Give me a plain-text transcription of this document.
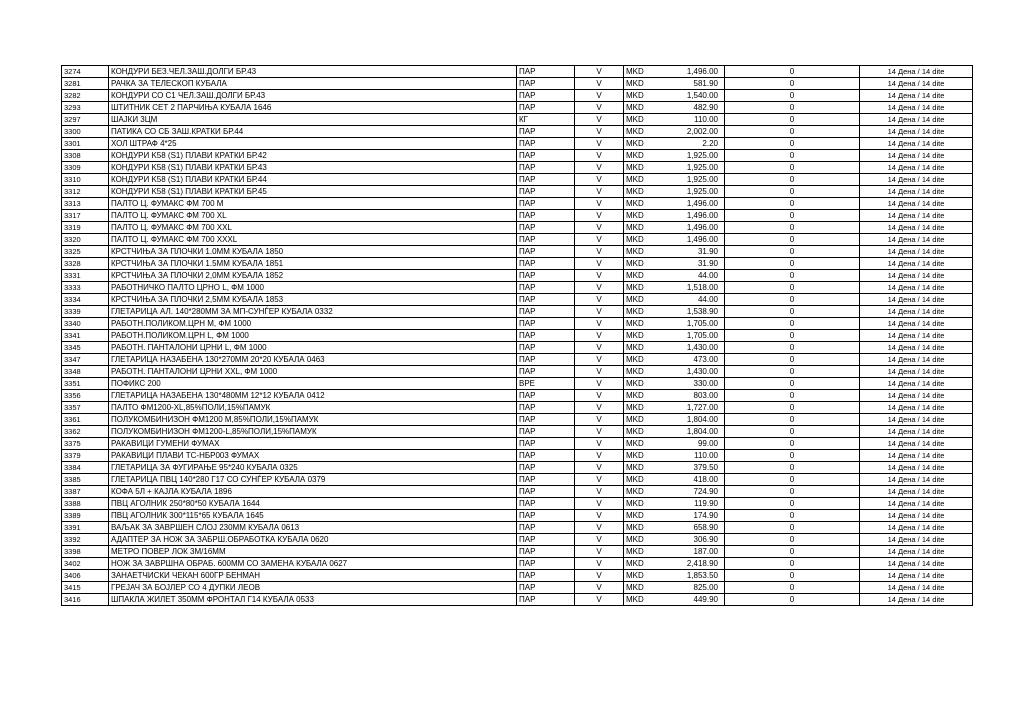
3274	КОНДУРИ БЕЗ.ЧЕЛ.ЗАШ.ДОЛГИ БР.43	ПАР	V	MKD 1,496.00	0	14 Дена / 14 dite
3281	РАЧКА ЗА ТЕЛЕСКОП КУБАЛА	ПАР	V	MKD 581.90	0	14 Дена / 14 dite
3282	КОНДУРИ СО С1 ЧЕЛ.ЗАШ.ДОЛГИ БР.43	ПАР	V	MKD 1,540.00	0	14 Дена / 14 dite
3293	ШТИТНИК СЕТ 2 ПАРЧИЊА КУБАЛА 1646	ПАР	V	MKD 482.90	0	14 Дена / 14 dite
3297	ШАЈКИ 3ЦМ	КГ	V	MKD 110.00	0	14 Дена / 14 dite
3300	ПАТИКА СО СБ ЗАШ.КРАТКИ БР.44	ПАР	V	MKD 2,002.00	0	14 Дена / 14 dite
3301	ХОЛ ШТРАФ 4*25	ПАР	V	MKD 2.20	0	14 Дена / 14 dite
3308	КОНДУРИ K58 (S1) ПЛАВИ КРАТКИ БР.42	ПАР	V	MKD 1,925.00	0	14 Дена / 14 dite
3309	КОНДУРИ K58 (S1) ПЛАВИ КРАТКИ БР.43	ПАР	V	MKD 1,925.00	0	14 Дена / 14 dite
3310	КОНДУРИ K58 (S1) ПЛАВИ КРАТКИ БР.44	ПАР	V	MKD 1,925.00	0	14 Дена / 14 dite
3312	КОНДУРИ K58 (S1) ПЛАВИ КРАТКИ БР.45	ПАР	V	MKD 1,925.00	0	14 Дена / 14 dite
3313	ПАЛТО Ц. ФУМАКС ФМ 700 M	ПАР	V	MKD 1,496.00	0	14 Дена / 14 dite
3317	ПАЛТО Ц. ФУМАКС ФМ 700 XL	ПАР	V	MKD 1,496.00	0	14 Дена / 14 dite
3319	ПАЛТО Ц. ФУМАКС ФМ 700 XXL	ПАР	V	MKD 1,496.00	0	14 Дена / 14 dite
3320	ПАЛТО Ц. ФУМАКС ФМ 700 XXXL	ПАР	V	MKD 1,496.00	0	14 Дена / 14 dite
3325	КРСТЧИЊА ЗА ПЛОЧКИ 1.0ММ КУБАЛА 1850	ПАР	V	MKD 31.90	0	14 Дена / 14 dite
3328	КРСТЧИЊА ЗА ПЛОЧКИ 1.5ММ КУБАЛА 1851	ПАР	V	MKD 31.90	0	14 Дена / 14 dite
3331	КРСТЧИЊА ЗА ПЛОЧКИ 2,0ММ КУБАЛА 1852	ПАР	V	MKD 44.00	0	14 Дена / 14 dite
3333	РАБОТНИЧКО ПАЛТО ЦРНО L, ФМ 1000	ПАР	V	MKD 1,518.00	0	14 Дена / 14 dite
3334	КРСТЧИЊА ЗА ПЛОЧКИ 2,5ММ КУБАЛА 1853	ПАР	V	MKD 44.00	0	14 Дена / 14 dite
3339	ГЛЕТАРИЦА АЛ. 140*280ММ ЗА МП-СУНЃЕР КУБАЛА 0332	ПАР	V	MKD 1,538.90	0	14 Дена / 14 dite
3340	РАБОТН.ПОЛИКОМ.ЦРН M, ФМ 1000	ПАР	V	MKD 1,705.00	0	14 Дена / 14 dite
3341	РАБОТН.ПОЛИКОМ.ЦРН L, ФМ 1000	ПАР	V	MKD 1,705.00	0	14 Дена / 14 dite
3345	РАБОТН. ПАНТАЛОНИ ЦРНИ L, ФМ 1000	ПАР	V	MKD 1,430.00	0	14 Дена / 14 dite
3347	ГЛЕТАРИЦА НАЗАБЕНА 130*270ММ 20*20 КУБАЛА 0463	ПАР	V	MKD 473.00	0	14 Дена / 14 dite
3348	РАБОТН. ПАНТАЛОНИ ЦРНИ XXL, ФМ 1000	ПАР	V	MKD 1,430.00	0	14 Дена / 14 dite
3351	ПОФИКС 200	ВРЕ	V	MKD 330.00	0	14 Дена / 14 dite
3356	ГЛЕТАРИЦА НАЗАБЕНА 130*480ММ 12*12 КУБАЛА 0412	ПАР	V	MKD 803.00	0	14 Дена / 14 dite
3357	ПАЛТО ФМ1200-XL,85%ПОЛИ,15%ПАМУК	ПАР	V	MKD 1,727.00	0	14 Дена / 14 dite
3361	ПОЛУКОМБИНИЗОН ФМ1200 M,85%ПОЛИ,15%ПАМУК	ПАР	V	MKD 1,804.00	0	14 Дена / 14 dite
3362	ПОЛУКОМБИНИЗОН ФМ1200-L,85%ПОЛИ,15%ПАМУК	ПАР	V	MKD 1,804.00	0	14 Дена / 14 dite
3375	РАКАВИЦИ ГУМЕНИ ФУМАХ	ПАР	V	MKD 99.00	0	14 Дена / 14 dite
3379	РАКАВИЦИ ПЛАВИ ТС-НБР003 ФУМАХ	ПАР	V	MKD 110.00	0	14 Дена / 14 dite
3384	ГЛЕТАРИЦА ЗА ФУГИРАЊЕ 95*240 КУБАЛА 0325	ПАР	V	MKD 379.50	0	14 Дена / 14 dite
3385	ГЛЕТАРИЦА ПВЦ 140*280 Г17 СО СУНЃЕР КУБАЛА 0379	ПАР	V	MKD 418.00	0	14 Дена / 14 dite
3387	КОФА 5Л + КАЈЛА КУБАЛА 1896	ПАР	V	MKD 724.90	0	14 Дена / 14 dite
3388	ПВЦ АГОЛНИК 250*80*50 КУБАЛА 1644	ПАР	V	MKD 119.90	0	14 Дена / 14 dite
3389	ПВЦ АГОЛНИК 300*115*65 КУБАЛА 1645	ПАР	V	MKD 174.90	0	14 Дена / 14 dite
3391	ВАЉАК ЗА ЗАВРШЕН СЛОЈ 230ММ КУБАЛА 0613	ПАР	V	MKD 658.90	0	14 Дена / 14 dite
3392	АДАПТЕР ЗА НОЖ ЗА ЗАБРШ.ОБРАБОТКА КУБАЛА 0620	ПАР	V	MKD 306.90	0	14 Дена / 14 dite
3398	МЕТРО ПОВЕР ЛОК 3М/16ММ	ПАР	V	MKD 187.00	0	14 Дена / 14 dite
3402	НОЖ ЗА ЗАВРШНА ОБРАБ. 600ММ СО ЗАМЕНА КУБАЛА 0627	ПАР	V	MKD 2,418.90	0	14 Дена / 14 dite
3406	ЗАНАЕТЧИСКИ ЧЕКАН 600ГР БЕНМАН	ПАР	V	MKD 1,853.50	0	14 Дена / 14 dite
3415	ГРЕЈАЧ ЗА БОЈЛЕР СО 4 ДУПКИ ЛЕОВ	ПАР	V	MKD 825.00	0	14 Дена / 14 dite
3416	ШПАКЛА ЖИЛЕТ 350ММ ФРОНТАЛ Г14 КУБАЛА 0533	ПАР	V	MKD 449.90	0	14 Дена / 14 dite
